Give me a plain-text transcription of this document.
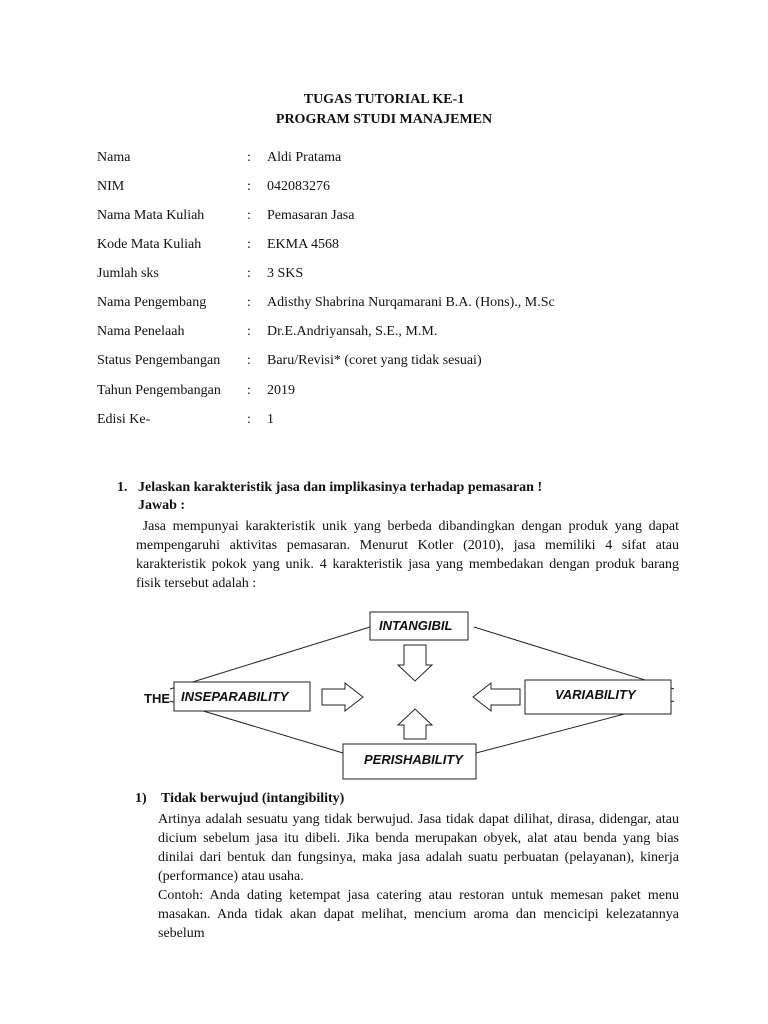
TUGAS TUTORIAL KE-1
PROGRAM STUDI MANAJEMEN
Nama	: Aldi Pratama
NIM	: 042083276
Nama Mata Kuliah	: Pemasaran Jasa
Kode Mata Kuliah	: EKMA 4568
Jumlah sks	: 3 SKS
Nama Pengembang	: Adisthy Shabrina Nurqamarani B.A. (Hons)., M.Sc
Nama Penelaah	: Dr.E.Andriyansah, S.E., M.M.
Status Pengembangan : Baru/Revisi* (coret yang tidak sesuai)
Tahun Pengembangan : 2019
Edisi Ke-	: 1
1. Jelaskan karakteristik jasa dan implikasinya terhadap pemasaran !
Jawab :
Jasa mempunyai karakteristik unik yang berbeda dibandingkan dengan produk yang dapat mempengaruhi aktivitas pemasaran. Menurut Kotler (2010), jasa memiliki 4 sifat atau karakteristik pokok yang unik. 4 karakteristik jasa yang membedakan dengan produk barang fisik tersebut adalah :
INTANGIBIL
INSEPARABILITY
THE	VARIABILITY
PERISHABILITY
1) Tidak berwujud (intangibility)
Artinya adalah sesuatu yang tidak berwujud. Jasa tidak dapat dilihat, dirasa, didengar, atau dicium sebelum jasa itu dibeli. Jika benda merupakan obyek, alat atau benda yang bias dinilai dari bentuk dan fungsinya, maka jasa adalah suatu perbuatan (pelayanan), kinerja (performance) atau usaha.
Contoh: Anda dating ketempat jasa catering atau restoran untuk memesan paket menu masakan. Anda tidak akan dapat melihat, mencium aroma dan mencicipi kelezatannya sebelum
